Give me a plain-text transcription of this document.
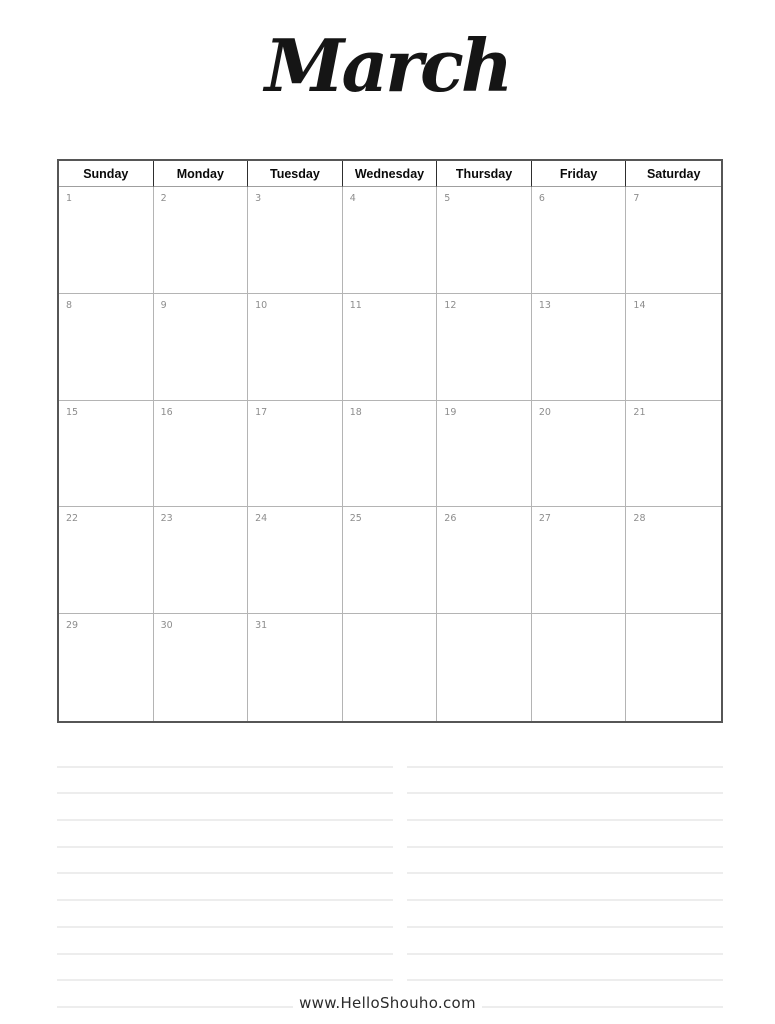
March
Sunday	Monday	Tuesday	Wednesday	Thursday	Friday	Saturday
1	2	3	4	5	6	7
8	9	10	11	12	13	14
15	16	17	18	19	20	21
22	23	24	25	26	27	28
29	30	31
www.HelloShouho.com
